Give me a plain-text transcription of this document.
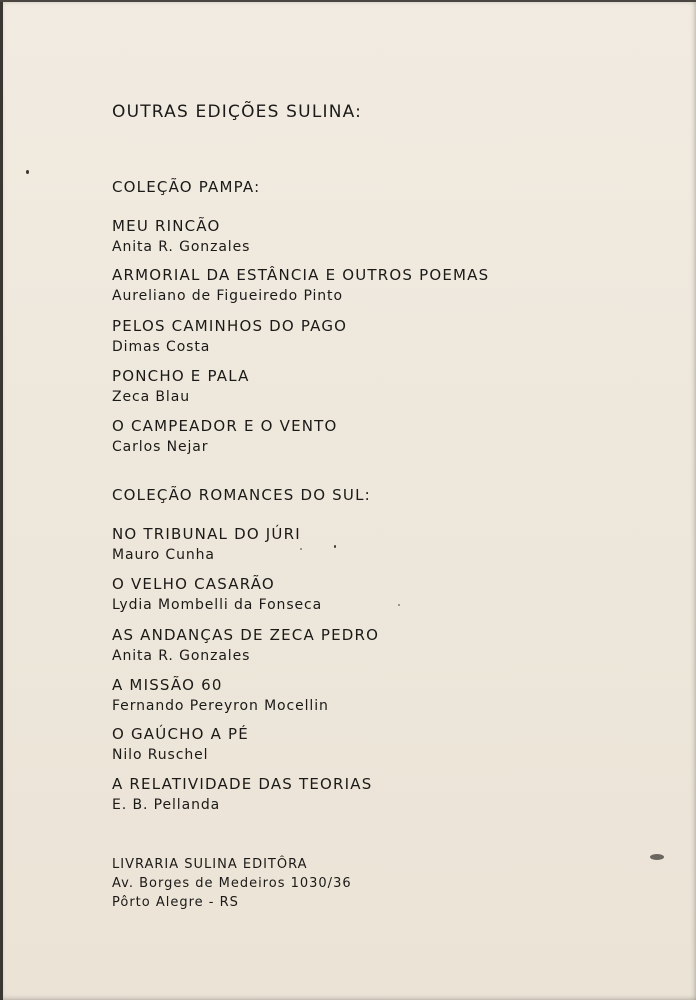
OUTRAS EDIÇÕES SULINA:
COLEÇÃO PAMPA:
MEU RINCÃO
Anita R. Gonzales
ARMORIAL DA ESTÂNCIA E OUTROS POEMAS
Aureliano de Figueiredo Pinto
PELOS CAMINHOS DO PAGO
Dimas Costa
PONCHO E PALA
Zeca Blau
O CAMPEADOR E O VENTO
Carlos Nejar
COLEÇÃO ROMANCES DO SUL:
NO TRIBUNAL DO JÚRI
Mauro Cunha
O VELHO CASARÃO
Lydia Mombelli da Fonseca
AS ANDANÇAS DE ZECA PEDRO
Anita R. Gonzales
A MISSÃO 60
Fernando Pereyron Mocellin
O GAÚCHO A PÉ
Nilo Ruschel
A RELATIVIDADE DAS TEORIAS
E. B. Pellanda
LIVRARIA SULINA EDITÔRA
Av. Borges de Medeiros 1030/36
Pôrto Alegre - RS
